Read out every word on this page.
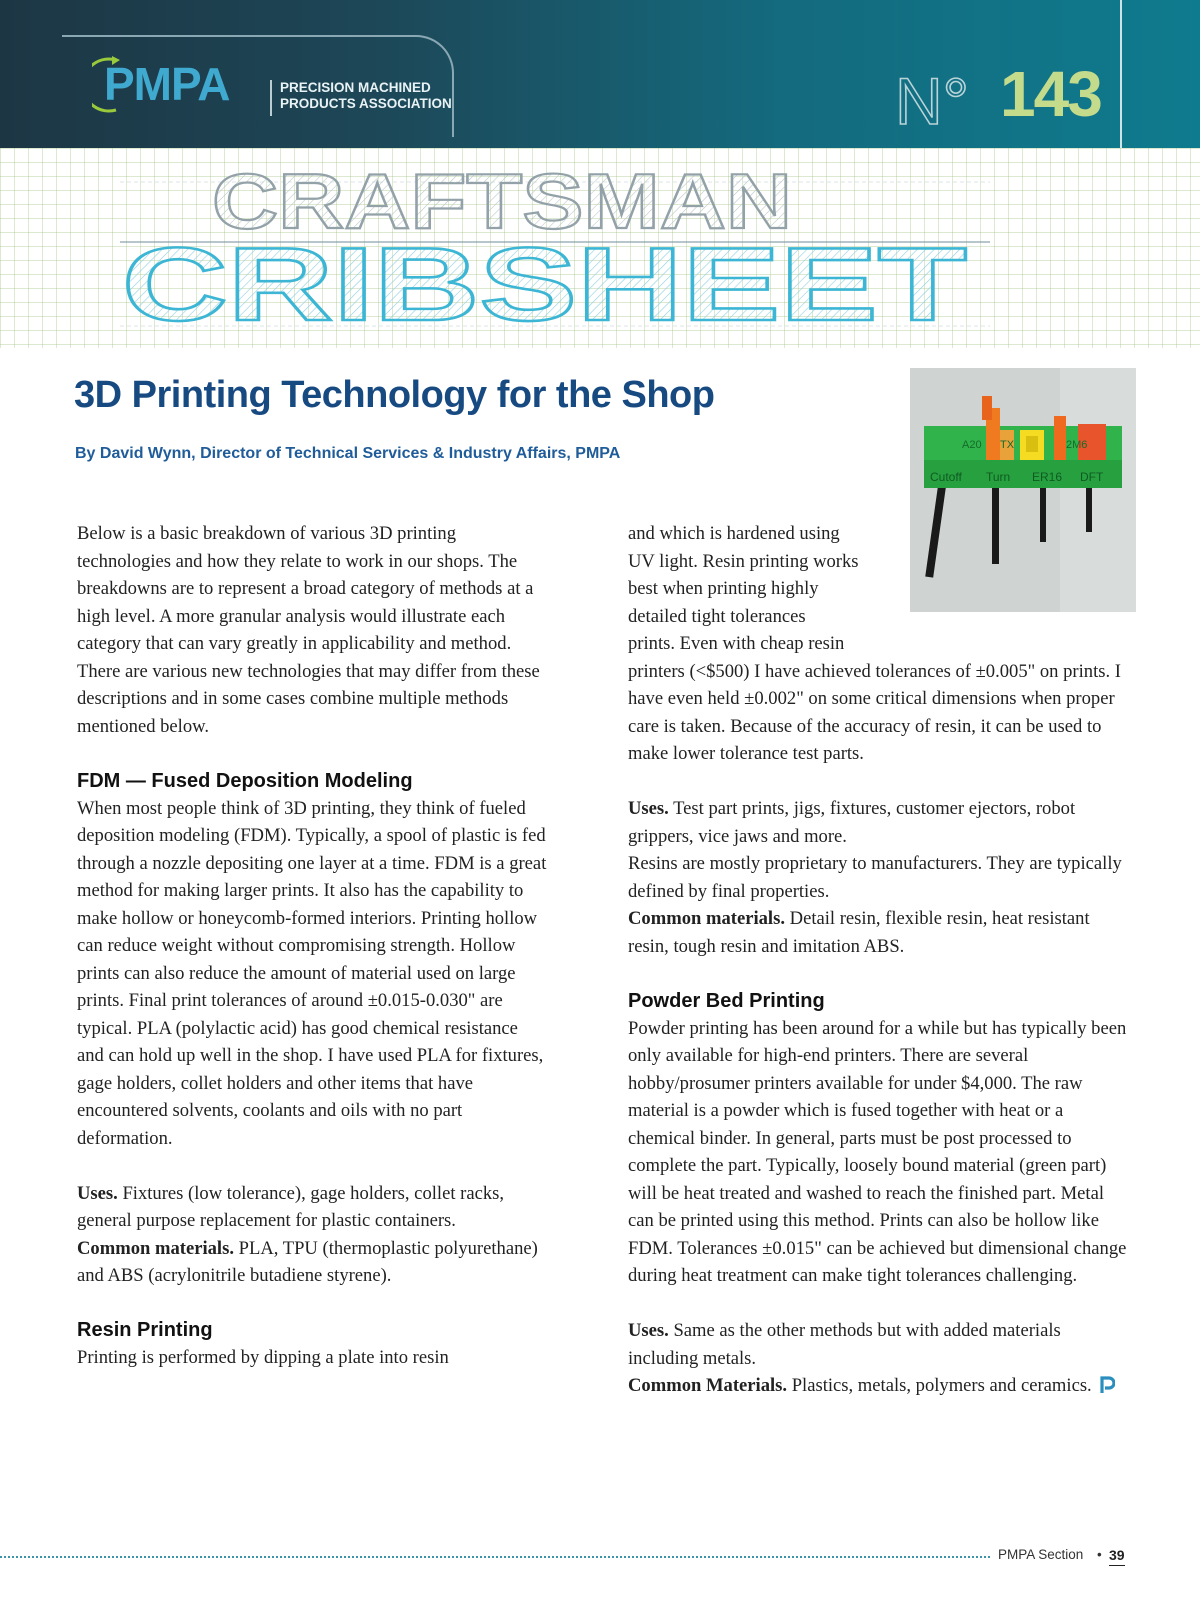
PMPA	PRECISION MACHINED
PRODUCTS ASSOCIATION	N° 143
CRAFTSMAN
CRIBSHEET
3D Printing Technology for the Shop

By David Wynn, Director of Technical Services & Industry Affairs, PMPA	A20 TX	2M6
Cutoff Turn ER16 DFT

Below is a basic breakdown of various 3D printing technologies and how they relate to work in our shops. The breakdowns are to represent a broad category of methods at a high level. A more granular analysis would illustrate each category that can vary greatly in applicability and method. There are various new technologies that may differ from these descriptions and in some cases combine multiple methods mentioned below.

FDM — Fused Deposition Modeling

When most people think of 3D printing, they think of fueled deposition modeling (FDM). Typically, a spool of plastic is fed through a nozzle depositing one layer at a time. FDM is a great method for making larger prints. It also has the capability to make hollow or honeycomb-formed interiors. Printing hollow can reduce weight without compromising strength. Hollow prints can also reduce the amount of material used on large prints. Final print tolerances of around ±0.015-0.030" are typical. PLA (polylactic acid) has good chemical resistance and can hold up well in the shop. I have used PLA for fixtures, gage holders, collet holders and other items that have encountered solvents, coolants and oils with no part deformation.

Uses. Fixtures (low tolerance), gage holders, collet racks, general purpose replacement for plastic containers.

Common materials. PLA, TPU (thermoplastic polyurethane) and ABS (acrylonitrile butadiene styrene).

Resin Printing

Printing is performed by dipping a plate into resin

and which is hardened using
UV light. Resin printing works
best when printing highly
detailed tight tolerances
prints. Even with cheap resin

printers (<$500) I have achieved tolerances of ±0.005" on prints. I have even held ±0.002" on some critical dimensions when proper care is taken. Because of the accuracy of resin, it can be used to make lower tolerance test parts.

Uses. Test part prints, jigs, fixtures, customer ejectors, robot grippers, vice jaws and more.

Resins are mostly proprietary to manufacturers. They are typically defined by final properties.

Common materials. Detail resin, flexible resin, heat resistant resin, tough resin and imitation ABS.

Powder Bed Printing

Powder printing has been around for a while but has typically been only available for high-end printers. There are several hobby/prosumer printers available for under $4,000. The raw material is a powder which is fused together with heat or a chemical binder. In general, parts must be post processed to complete the part. Typically, loosely bound material (green part) will be heat treated and washed to reach the finished part. Metal can be printed using this method. Prints can also be hollow like FDM. Tolerances ±0.015" can be achieved but dimensional change during heat treatment can make tight tolerances challenging.

Uses. Same as the other methods but with added materials including metals.

Common Materials. Plastics, metals, polymers and ceramics.

PMPA Section • 39
